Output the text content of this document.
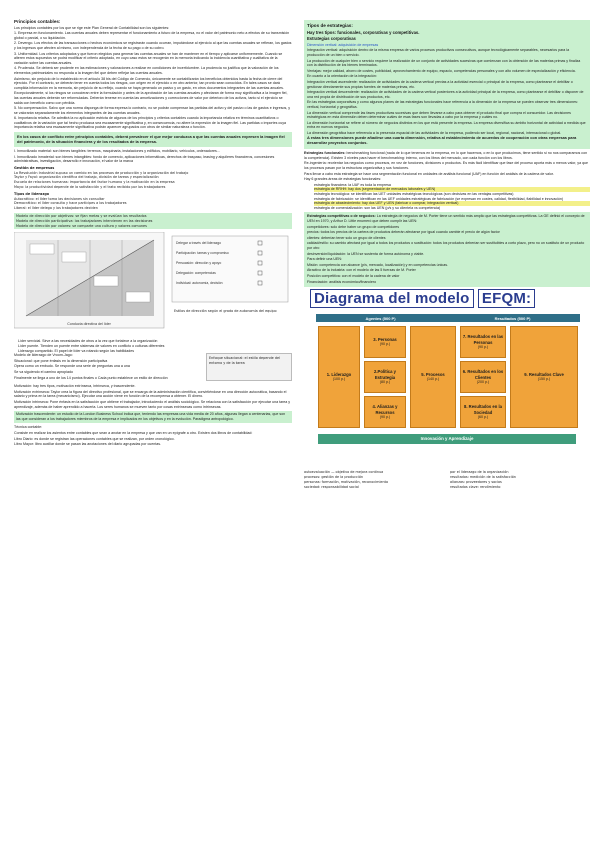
Principios contables:

Los principios contables por los que se rige este Plan General de Contabilidad son los siguientes:

1. Empresa en funcionamiento. Las cuentas anuales deben representar el funcionamiento a futuro de la empresa, no el valor del patrimonio neto a efectos de su transmisión global o parcial, o su liquidación.

2. Devengo. Los efectos de las transacciones o hechos económicos se registrarán cuando ocurran, imputándose al ejercicio al que las cuentas anuales se refieran, los gastos y los ingresos que afecten al mismo, con independencia de la fecha de su pago o de su cobro.

3. Uniformidad. Los criterios adoptados y que fueron elegidos para generar las cuentas anuales se han de mantener en el tiempo y aplicarse uniformemente. Cuando se alteren estos supuestos se podrá modificar el criterio adoptado, en cuyo caso estos se recogerán en la memoria indicando la incidencia cuantitativa y cualitativa de la variación sobre las cuentas anuales.

4. Prudencia. Se deberá ser prudente en las estimaciones y valoraciones a realizar en condiciones de incertidumbre. La prudencia no justifica que la valoración de los elementos patrimoniales no responda a la imagen fiel que deben reflejar las cuentas anuales.

Asimismo, sin perjuicio de lo establecido en el artículo 38 bis del Código de Comercio, únicamente se contabilizarán los beneficios obtenidos hasta la fecha de cierre del ejercicio. Por el contrario, se deberán tener en cuenta todos los riesgos, con origen en el ejercicio o en otro anterior, tan pronto sean conocidos. En tales casos se dará cumplida información en la memoria, sin perjuicio de su reflejo, cuando se haya generado un pasivo y un gasto, en otros documentos integrantes de las cuentas anuales.

Excepcionalmente, si los riesgos se conocieran entre la formulación y antes de la aprobación de las cuentas anuales y afectaran de forma muy significativa a la imagen fiel, las cuentas anuales deberán ser reformuladas. Deberán tenerse en cuenta las amortizaciones y correcciones de valor por deterioro de los activos, tanto si el ejercicio se salda con beneficio como con pérdida.

5. No compensación. Salvo que una norma disponga de forma expresa lo contrario, no se podrán compensar las partidas del activo y del pasivo o las de gastos e ingresos, y se valorarán separadamente los elementos integrantes de las cuentas anuales.

6. Importancia relativa. Se admitirá la no aplicación estricta de algunos de los principios y criterios contables cuando la importancia relativa en términos cuantitativos o cualitativos de la variación que tal hecho produzca sea escasamente significativa y, en consecuencia, no altere la expresión de la imagen fiel. Las partidas o importes cuya importancia relativa sea escasamente significativa podrán aparecer agrupados con otros de similar naturaleza o función.

En los casos de conflicto entre principios contables, deberá prevalecer el que mejor conduzca a que las cuentas anuales expresen la imagen fiel del patrimonio, de la situación financiera y de los resultados de la empresa.

I. Inmovilizado material: son bienes tangibles: terrenos, maquinaria, instalaciones y edificios, mobiliario, vehículos, ordenadores…

I. Inmovilizado inmaterial: son bienes intangibles: fondo de comercio, aplicaciones informáticas, derechos de traspaso, leasing y alquileres financieros, concesiones administrativas, investigación, desarrollo e innovación, el valor de la marca

Gestión de empresas
La Revolución Industrial supuso un cambio en los procesos de producción y la organización del trabajo
Taylor y Fayol: organización científica del trabajo, división de tareas y especialización
Escuela de relaciones humanas: importancia del factor humano y la motivación en la empresa
Mayo: la productividad depende de la satisfacción y el trato recibido por los trabajadores
Tipos de liderazgo
Autocrático: el líder toma las decisiones sin consultar
Democrático: el líder consulta y hace partícipes a los trabajadores
Liberal: el líder delega y los trabajadores deciden
Modelo de dirección por objetivos: se fijan metas y se evalúan los resultados
Modelo de dirección participativa: los trabajadores intervienen en las decisiones
Modelo de dirección por valores: se comparte una cultura y valores comunes
Conducta directiva del líder
Delegar a través del liderazgo
Participación: tareas y compromiso
Persuasión: dirección y apoyo
Delegación: competencias
Individual: autonomía, decisión
Estilos de dirección según el grado de autonomía del equipo
Líder servicial. Sirve a las necesidades de otros a la vez que fortalece a la organización
Líder puente. Tienden un puente entre sistemas de valores en conflicto o culturas diferentes
Liderazgo compartido. El papel de líder va rotando según las habilidades

Modelo de liderazgo de Vroom-Jago:

Situacional: que pone énfasis en la dimensión participativa

Opera como un embudo. Se responde una serie de preguntas una a una

Se va siguiendo el camino apropiado

Finalmente se llega a uno de los 14 puntos finales o Cada punto establece un estilo de dirección

Enfoque situacional: el estilo depende del entorno y de la tarea

Motivación: hay tres tipos, motivación extrínseca, intrínseca, y trascendente.

Motivación extrínseca: Taylor crea la figura del directivo profesional, que se encarga de la administración científica, convirtiéndose en una dirección autocrática, basando el salario y prima en la tarea (mecanicismo). Ejecutar una acción viene en función de la recompensa a obtener. El dinero.

Motivación intrínseca: Pone énfasis en la satisfacción que obtiene el trabajador, introduciendo el análisis sociológico. Se relaciona con la satisfacción por ejecutar una tarea y aprendizaje, además de haber aprendido a hacerla. Los seres humanos se mueven tanto por cosas extrínsecas como intrínsecas.

Motivación trascendente: un estudio de la London Business School indica que, teniendo las empresas una vida media de 20 años, algunas llegan a centenarias, que son las que consideran a los trabajadores miembros de la empresa e implicados en los objetivos y en la evolución. Paradigma antropológico.

Técnica contable:

Consiste en realizar los asientos entre contables que sean a anotar en la empresa y que van en un epígrafe a otro. Existen dos libros de contabilidad:

Libro Diario: es donde se registran las operaciones contables que se realizan, por orden cronológico.

Libro Mayor: libro auxiliar donde se pasan las anotaciones del diario agrupadas por cuentas.

Tipos de estrategias:
Hay tres tipos: funcionales, corporativas y competitivas.
Estrategias corporativas

Dimensión vertical: adquisición de empresas

Integración vertical: adquisición dentro de la misma empresa de varios procesos productivos consecutivos, aunque tecnológicamente separables, necesarios para la producción de un bien o servicio.

La producción de cualquier bien o servicio requiere la realización de un conjunto de actividades sucesivas que comienzan con la obtención de las materias primas y finaliza con la distribución de los bienes terminados.

Ventajas: mejor calidad, ahorro de costes, publicidad, aprovechamiento de equipo, espacio, competencias personales y con alto volumen de especialización y eficiencia.

En cuanto a la orientación de la integración:

Integración vertical ascendente: realización de actividades de la cadena vertical previas a la actividad esencial o principal de la empresa, como plantearse el debilitar o gestionar directamente sus propias fuentes de materias primas, etc.

Integración vertical descendente: realización de actividades de la cadena vertical posteriores a la actividad principal de la empresa, como plantearse el debilitar o disponer de una red propia de distribución de sus productos, etc.

En las estrategias corporativas y como algunos planes de las estrategias funcionales hace referencia a la dimensión de la empresa se pueden observar tres dimensiones: vertical, horizontal y geográfica.

La dimensión vertical comprende las fases productivas sucesivas que deben llevarse a cabo para obtener el producto final que compra el consumidor. Las decisiones estratégicas en esta dimensión deben determinar cuáles de esas fases son llevadas a cabo por la empresa y cuáles no.

La dimensión horizontal se refiere al número de negocios distintos en los que está presente la empresa. La empresa diversifica su ámbito horizontal de actividad a medida que entra en nuevos negocios.

La dimensión geográfica hace referencia a la presencia espacial de las actividades de la empresa, pudiendo ser local, regional, nacional, internacional o global.

A estas tres dimensiones puede añadirse una cuarta dimensión, relativa al establecimiento de acuerdos de cooperación con otras empresas para desarrollar proyectos conjuntos.

Estrategias funcionales: benchmarking funcional (nada de lo que tenemos en la empresa, en lo que hacemos, o en lo que producimos, tiene sentido si no nos comparamos con la competencia). Existen 3 niveles para hacer el benchmarking: interno, con los libros del mercado, con cada función con los libros.

Re-ingeniería: reorientar los negocios como procesos, en vez de funciones, divisiones o productos. Es más fácil identificar que fase del proceso aporta más o menos valor, ya que los procesos pasan por la estructura organizativa y sus funciones.

Para llevar a cabo esta estrategia se hace una segmentación funcional en unidades de análisis funcional (UAF) en función del análisis de la cadena de valor.

Hay 6 grandes áreas de estrategias funcionales:

estrategia financiera: la UAF es toda la empresa
estrategia de RRHH: hay dos (segmentación de mercados laborales y UEN)
estrategia tecnológica: se identifican las UET unidades estratégicas tecnológicas (son decisivas en las ventajas competitivas)
estrategia de fabricación: se identifican en las UEF unidades estratégicas de fabricación (se expresan en costes, calidad, flexibilidad, fiabilidad e innovación)
estrategia de abastecimiento: hay dos UEF y UEN (fabricar o comprar, integración vertical)
estrategia de comercialización: son las UEN (p/s y su clientela vs competencia)

Estrategias competitivas o de negocios: La estrategia de negocios de M. Porter tiene un sentido más amplio que las estrategias competitivas. La GE definió el concepto de UEN en 1970, y Arthur D. Little enumeró que deben cumplir las UEN:

competidores: solo debe haber un grupo de competidores

precios: todos los precios de la cartera de productos deberán afectarse por igual cuando cambie el precio de algún factor

clientes: deberían tener solo un grupo de clientes

calidad/estilo: su cambio afectará por igual a todos los productos o sustitución: todos los productos deberían ser sustituibles a corto plazo, pero no un sustituto de un producto por otro

desinversión/liquidación: la UEN se sustenta de forma autónoma y viable.

Para definir una UEN:

Misión: competencia con alcance (p/s, mercado, localización) y en competencias únicas.

Atractivo de la industria: con el modelo de las 5 fuerzas de M. Porter

Posición competitiva: con el modelo de la cadena de valor

Financiación: análisis económico/financiero

Diagrama del modelo EFQM:
Agentes (500 P)	Resultados (500 P)
1. Liderazgo
(100 p.)
3. Personas
(90 p.)
2.Política y Estrategia
(80 p.)
4. Alianzas y Recursos
(90 p.)
5. Procesos
(140 p.)
7. Resultados en las Personas
(90 p.)
6. Resultados en los Clientes
(200 p.)
8. Resultados en la Sociedad
(60 p.)
9. Resultados Clave
(150 p.)
Innovación y Aprendizaje
autoevaluación — objetivo de mejora continua	por el liderazgo de la organización
procesos: gestión de la producción	resultados: medición de la satisfacción
personas: formación, motivación, reconocimiento	alianzas: proveedores y socios
sociedad: responsabilidad social	resultados clave: rendimiento
